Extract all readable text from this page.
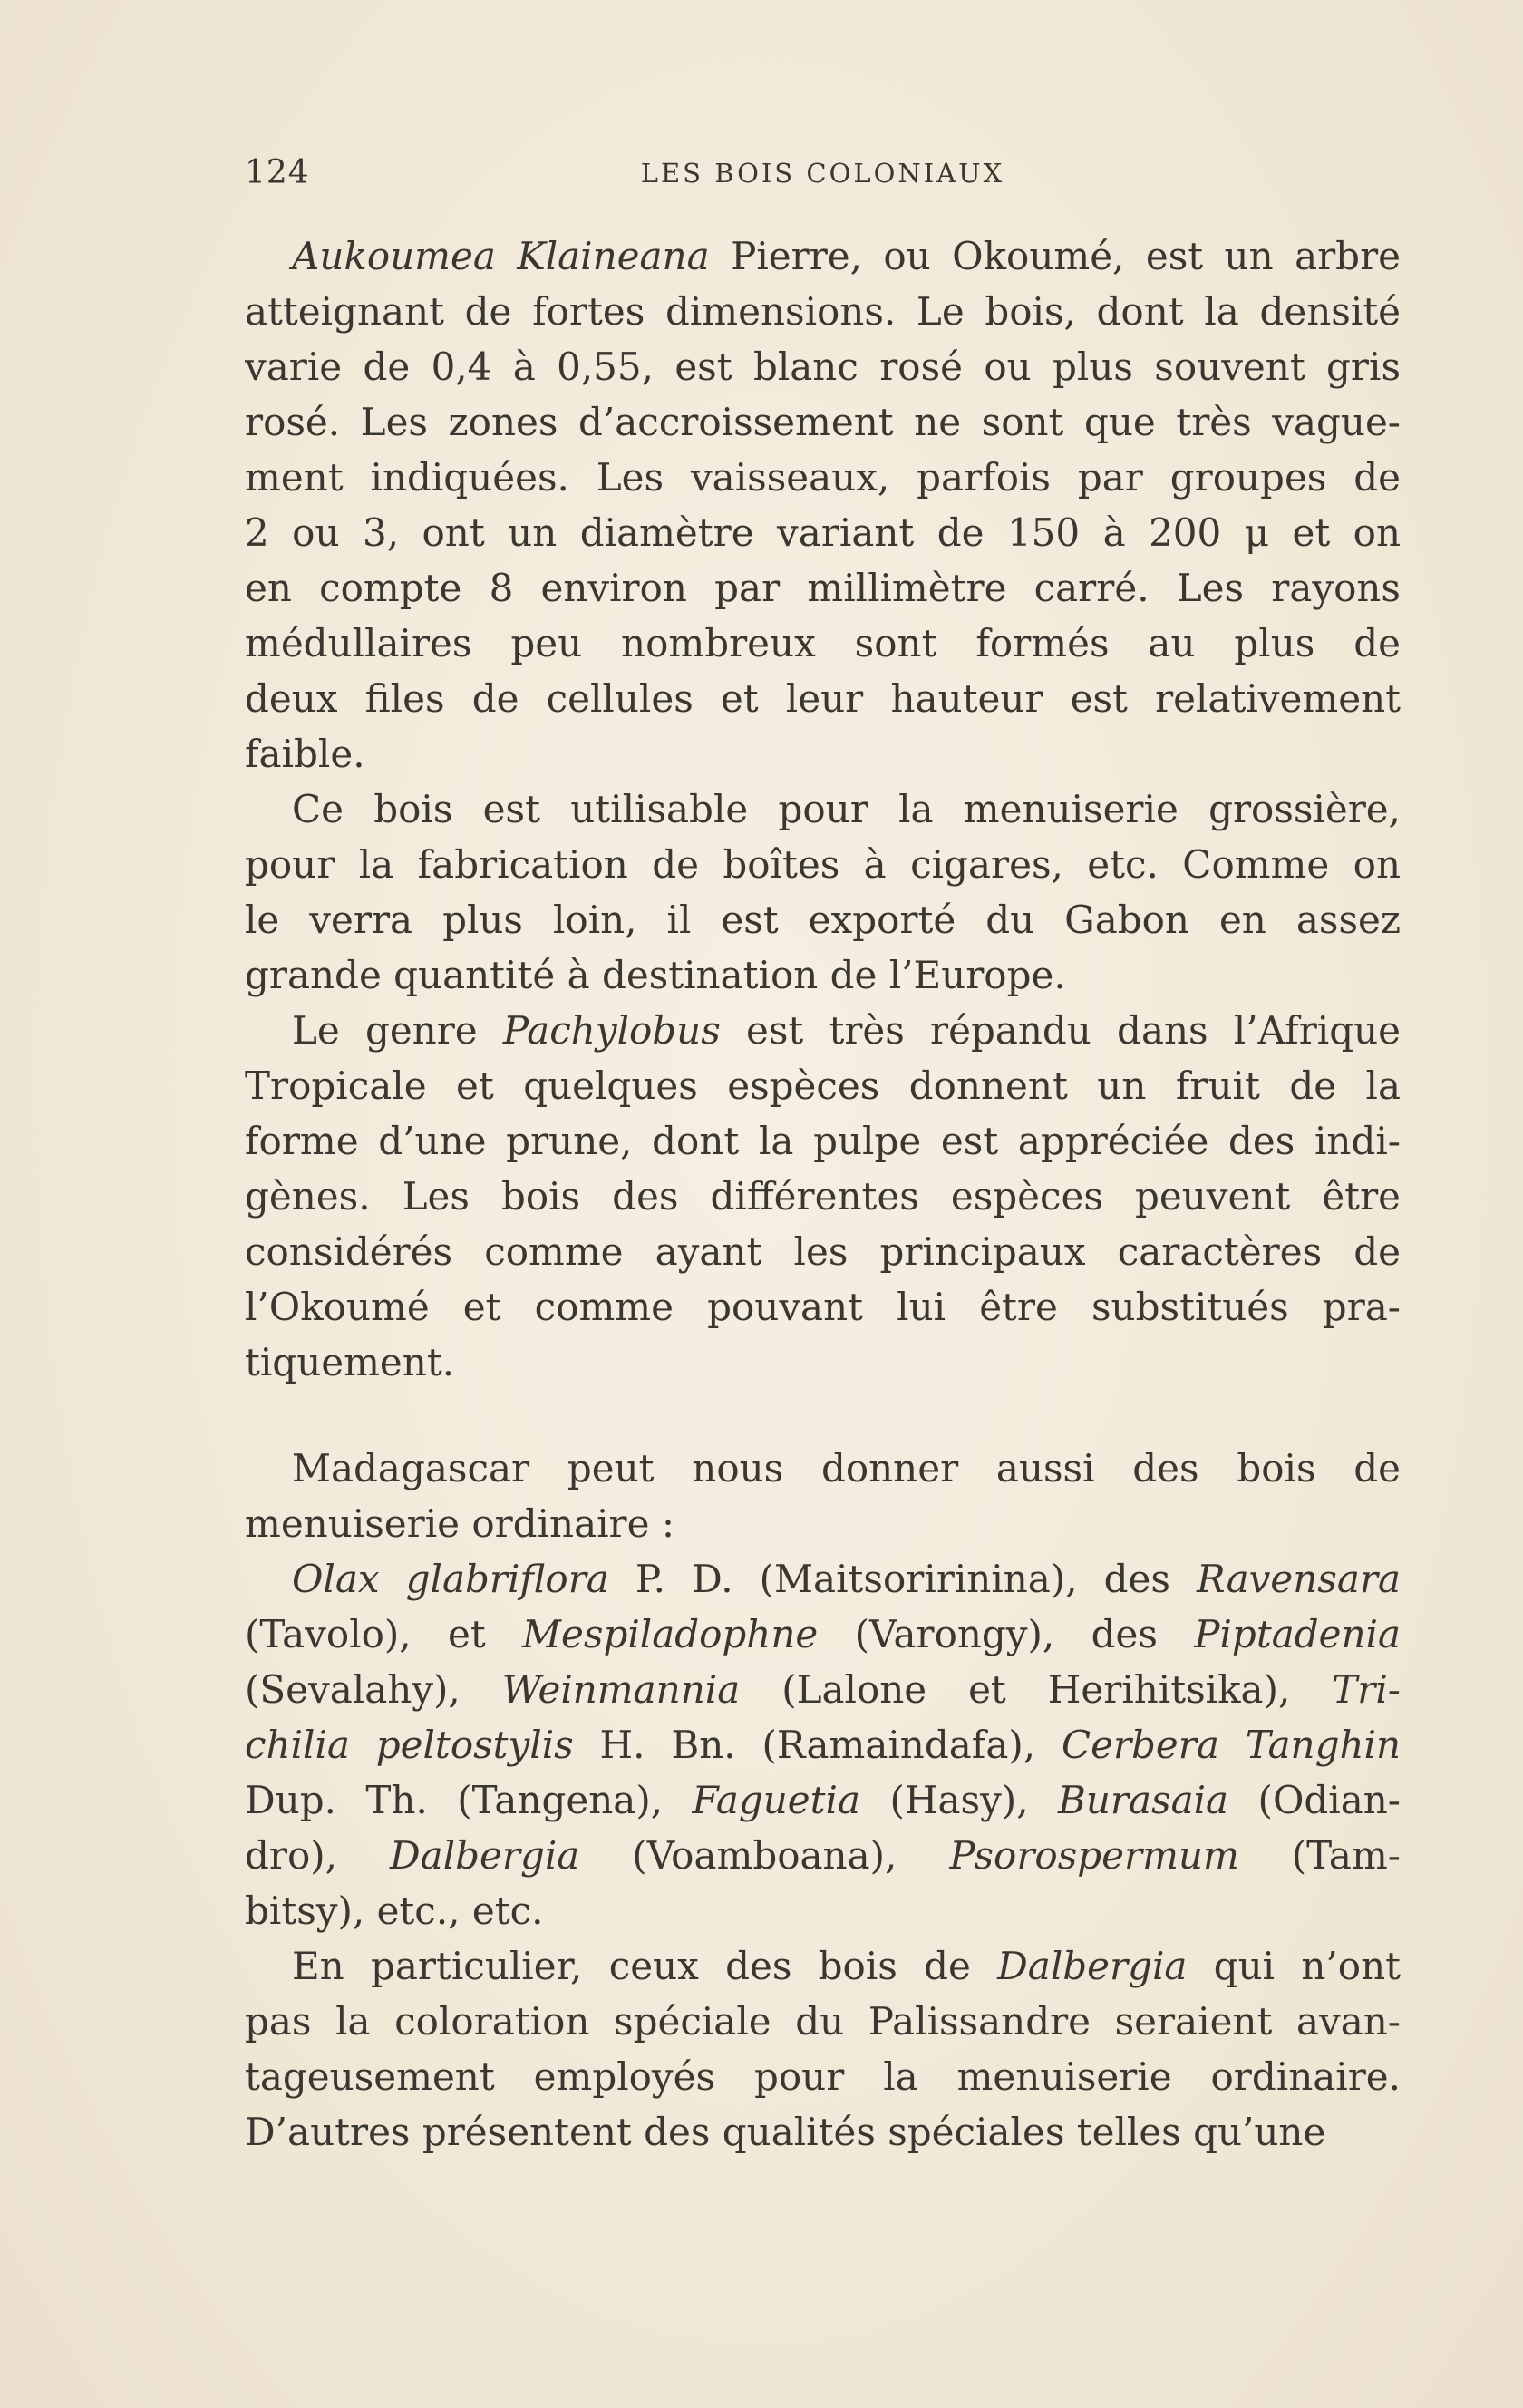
124	LES BOIS COLONIAUX
Aukoumea Klaineana Pierre, ou Okoumé, est un arbre
atteignant de fortes dimensions. Le bois, dont la densité
varie de 0,4 à 0,55, est blanc rosé ou plus souvent gris
rosé. Les zones d’accroissement ne sont que très vague-
ment indiquées. Les vaisseaux, parfois par groupes de
2 ou 3, ont un diamètre variant de 150 à 200 μ et on
en compte 8 environ par millimètre carré. Les rayons
médullaires peu nombreux sont formés au plus de
deux files de cellules et leur hauteur est relativement
faible.
Ce bois est utilisable pour la menuiserie grossière,
pour la fabrication de boîtes à cigares, etc. Comme on
le verra plus loin, il est exporté du Gabon en assez
grande quantité à destination de l’Europe.
Le genre Pachylobus est très répandu dans l’Afrique
Tropicale et quelques espèces donnent un fruit de la
forme d’une prune, dont la pulpe est appréciée des indi-
gènes. Les bois des différentes espèces peuvent être
considérés comme ayant les principaux caractères de
l’Okoumé et comme pouvant lui être substitués pra-
tiquement.
Madagascar peut nous donner aussi des bois de
menuiserie ordinaire :
Olax glabriflora P. D. (Maitsoririnina), des Ravensara
(Tavolo), et Mespiladophne (Varongy), des Piptadenia
(Sevalahy), Weinmannia (Lalone et Herihitsika), Tri-
chilia peltostylis H. Bn. (Ramaindafa), Cerbera Tanghin
Dup. Th. (Tangena), Faguetia (Hasy), Burasaia (Odian-
dro), Dalbergia (Voamboana), Psorospermum (Tam-
bitsy), etc., etc.
En particulier, ceux des bois de Dalbergia qui n’ont
pas la coloration spéciale du Palissandre seraient avan-
tageusement employés pour la menuiserie ordinaire.
D’autres présentent des qualités spéciales telles qu’une
